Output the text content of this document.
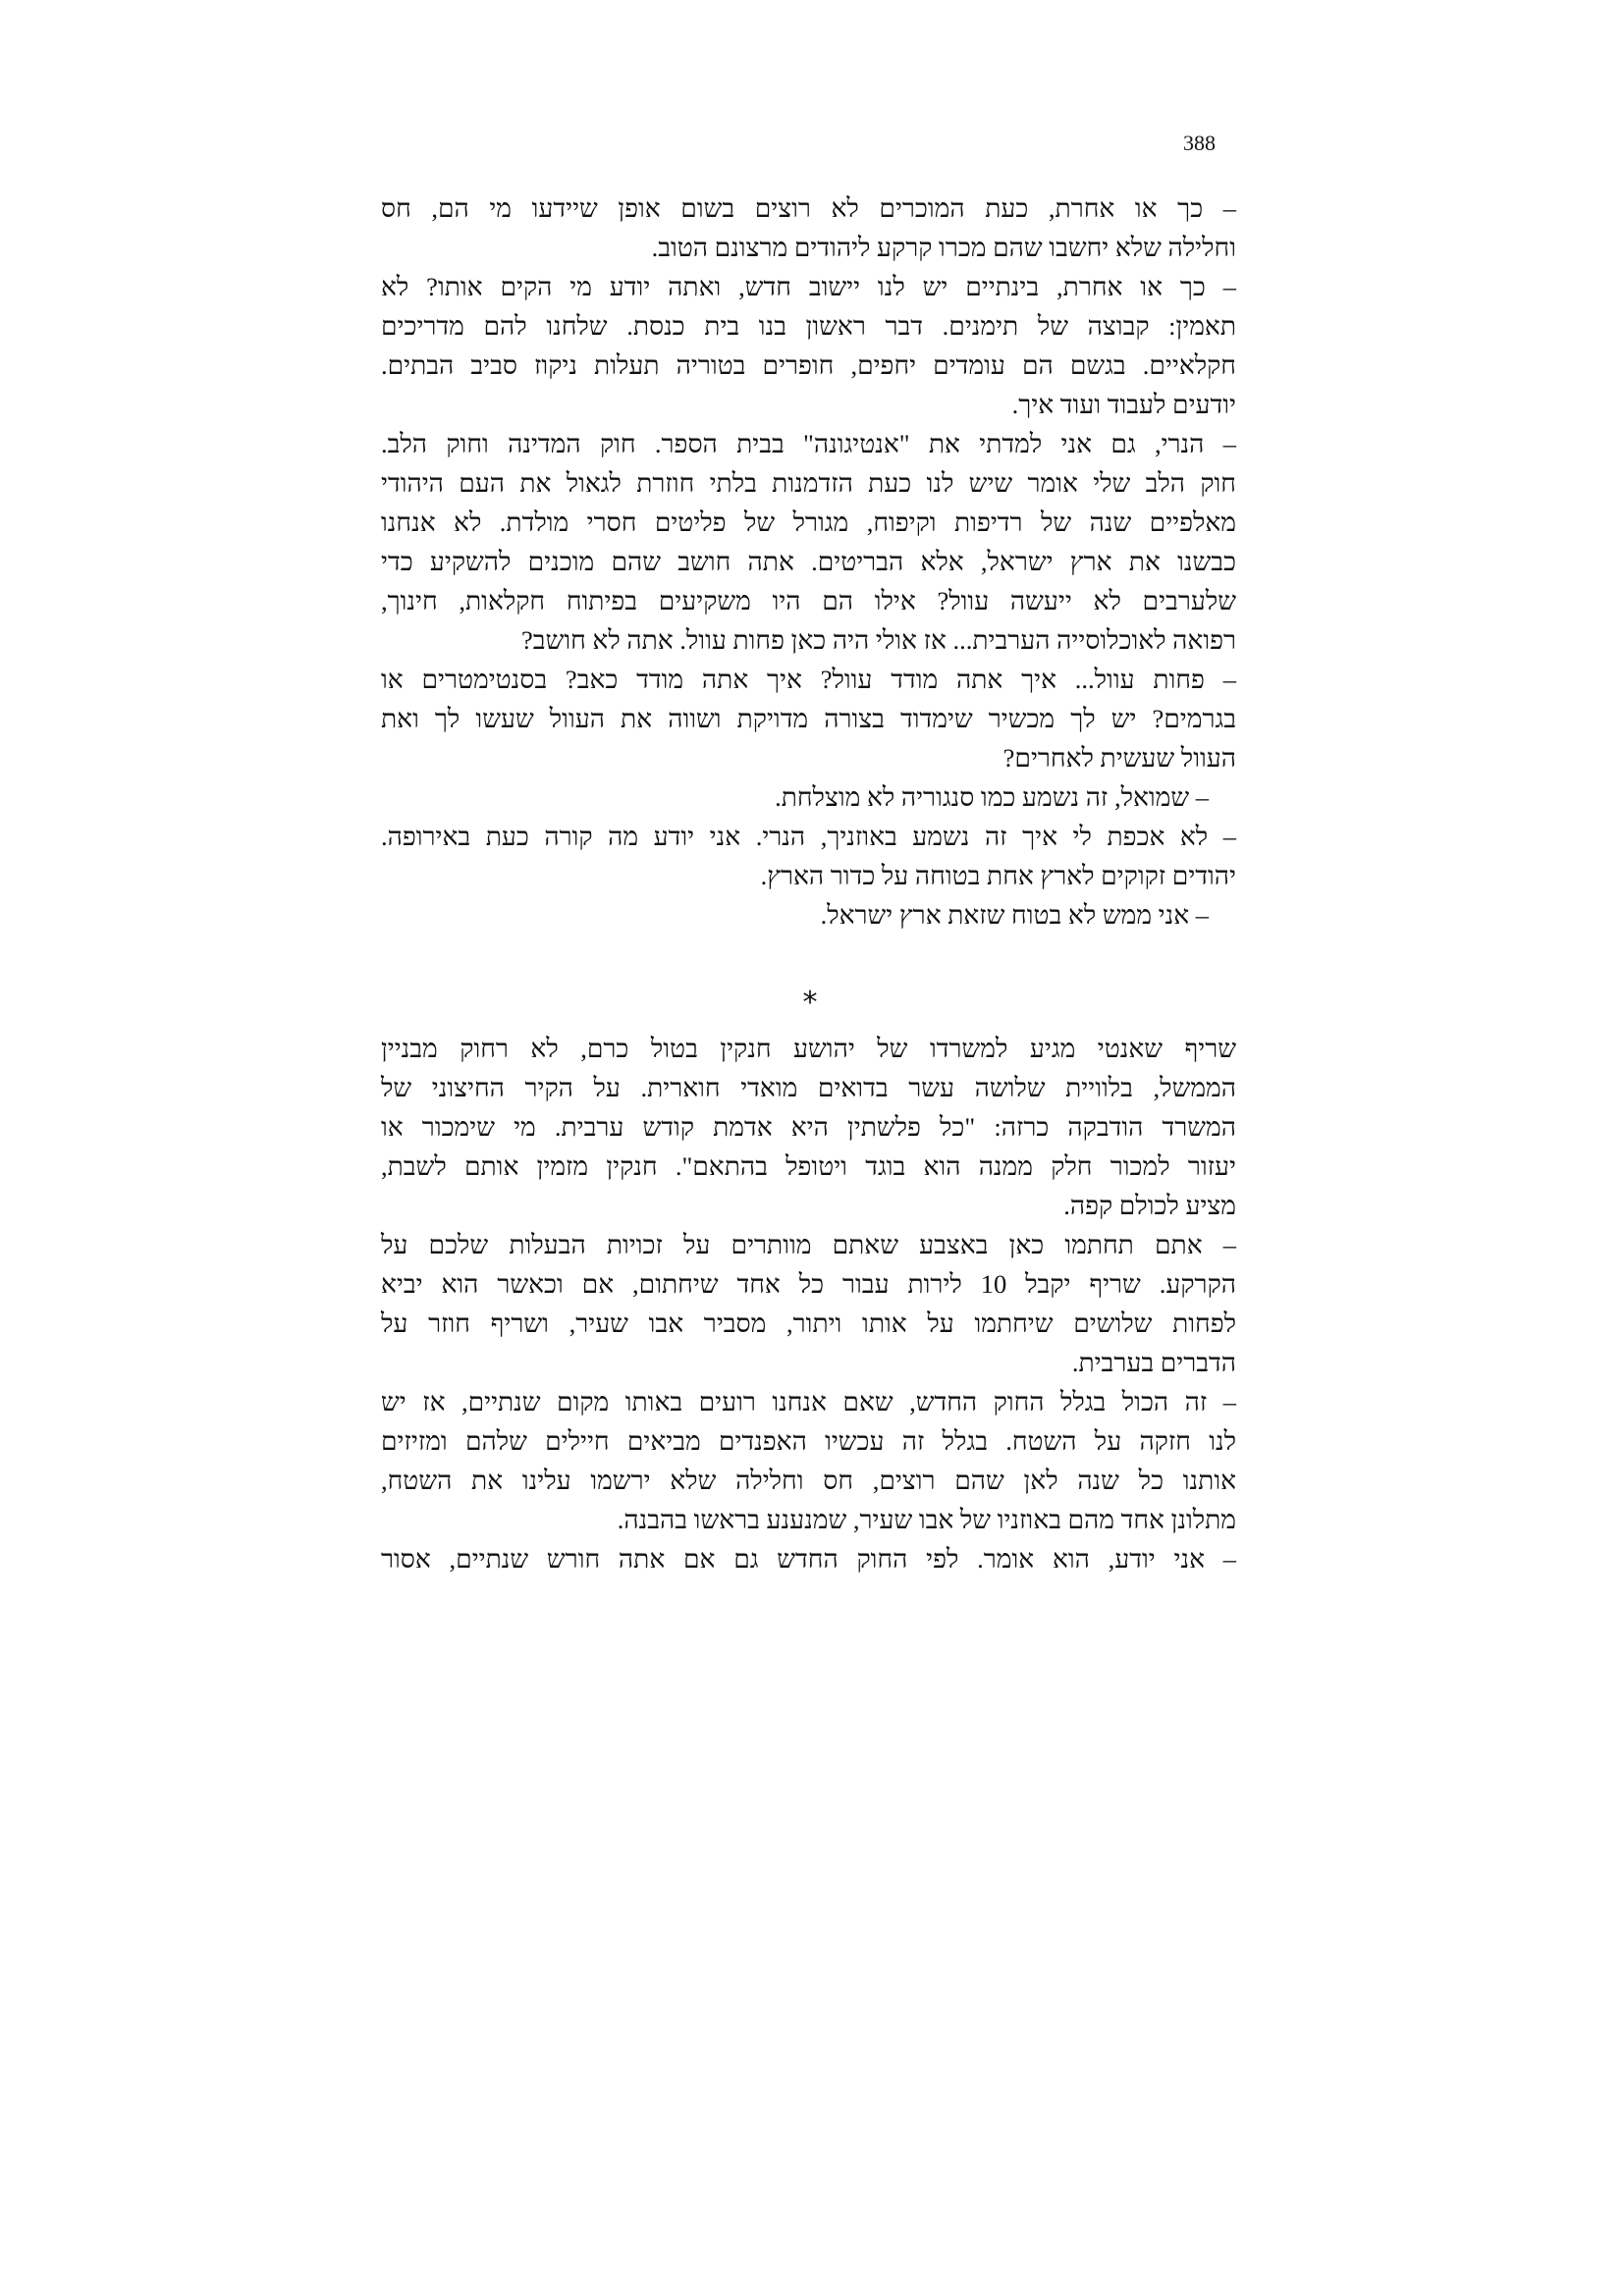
388

– כך או אחרת, כעת המוכרים לא רוצים בשום אופן שיידעו מי הם, חס
וחלילה שלא יחשבו שהם מכרו קרקע ליהודים מרצונם הטוב.

– כך או אחרת, בינתיים יש לנו יישוב חדש, ואתה יודע מי הקים אותו? לא
תאמין: קבוצה של תימנים. דבר ראשון בנו בית כנסת. שלחנו להם מדריכים
חקלאיים. בגשם הם עומדים יחפים, חופרים בטוריה תעלות ניקוז סביב הבתים.
יודעים לעבוד ועוד איך.

– הנרי, גם אני למדתי את "אנטיגונה" בבית הספר. חוק המדינה וחוק הלב.
חוק הלב שלי אומר שיש לנו כעת הזדמנות בלתי חוזרת לגאול את העם היהודי
מאלפיים שנה של רדיפות וקיפוח, מגורל של פליטים חסרי מולדת. לא אנחנו
כבשנו את ארץ ישראל, אלא הבריטים. אתה חושב שהם מוכנים להשקיע כדי
שלערבים לא ייעשה עוול? אילו הם היו משקיעים בפיתוח חקלאות, חינוך,
רפואה לאוכלוסייה הערבית... אז אולי היה כאן פחות עוול. אתה לא חושב?

– פחות עוול... איך אתה מודד עוול? איך אתה מודד כאב? בסנטימטרים או
בגרמים? יש לך מכשיר שימדוד בצורה מדויקת ושווה את העוול שעשו לך ואת
העוול שעשית לאחרים?

– שמואל, זה נשמע כמו סנגוריה לא מוצלחת.

– לא אכפת לי איך זה נשמע באוזניך, הנרי. אני יודע מה קורה כעת באירופה.
יהודים זקוקים לארץ אחת בטוחה על כדור הארץ.

– אני ממש לא בטוח שזאת ארץ ישראל.

*

שריף שאנטי מגיע למשרדו של יהושע חנקין בטול כרם, לא רחוק מבניין
הממשל, בלוויית שלושה עשר בדואים מואדי חוארית. על הקיר החיצוני של
המשרד הודבקה כרזה: "כל פלשתין היא אדמת קודש ערבית. מי שימכור או
יעזור למכור חלק ממנה הוא בוגד ויטופל בהתאם". חנקין מזמין אותם לשבת,
מציע לכולם קפה.

– אתם תחתמו כאן באצבע שאתם מוותרים על זכויות הבעלות שלכם על
הקרקע. שריף יקבל 10 לירות עבור כל אחד שיחתום, אם וכאשר הוא יביא
לפחות שלושים שיחתמו על אותו ויתור, מסביר אבו שעיר, ושריף חוזר על
הדברים בערבית.

– זה הכול בגלל החוק החדש, שאם אנחנו רועים באותו מקום שנתיים, אז יש
לנו חזקה על השטח. בגלל זה עכשיו האפנדים מביאים חיילים שלהם ומזיזים
אותנו כל שנה לאן שהם רוצים, חס וחלילה שלא ירשמו עלינו את השטח,
מתלונן אחד מהם באוזניו של אבו שעיר, שמנענע בראשו בהבנה.

– אני יודע, הוא אומר. לפי החוק החדש גם אם אתה חורש שנתיים, אסור
